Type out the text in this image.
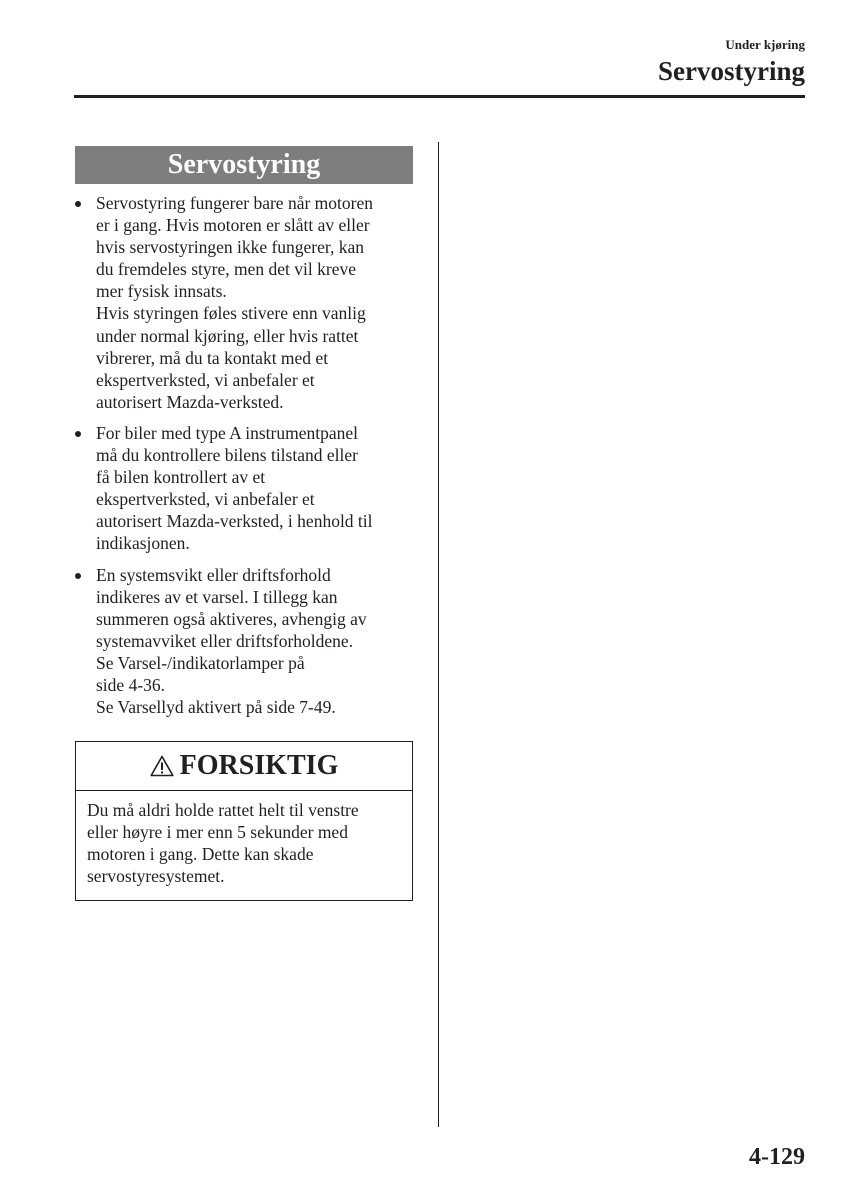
Under kjøring
Servostyring
Servostyring
Servostyring fungerer bare når motoren
er i gang. Hvis motoren er slått av eller
hvis servostyringen ikke fungerer, kan
du fremdeles styre, men det vil kreve
mer fysisk innsats.
Hvis styringen føles stivere enn vanlig
under normal kjøring, eller hvis rattet
vibrerer, må du ta kontakt med et
ekspertverksted, vi anbefaler et
autorisert Mazda-verksted.
For biler med type A instrumentpanel
må du kontrollere bilens tilstand eller
få bilen kontrollert av et
ekspertverksted, vi anbefaler et
autorisert Mazda-verksted, i henhold til
indikasjonen.
En systemsvikt eller driftsforhold
indikeres av et varsel. I tillegg kan
summeren også aktiveres, avhengig av
systemavviket eller driftsforholdene.
Se Varsel-/indikatorlamper på
side 4-36.
Se Varsellyd aktivert på side 7-49.
FORSIKTIG
Du må aldri holde rattet helt til venstre
eller høyre i mer enn 5 sekunder med
motoren i gang. Dette kan skade
servostyresystemet.
4-129
